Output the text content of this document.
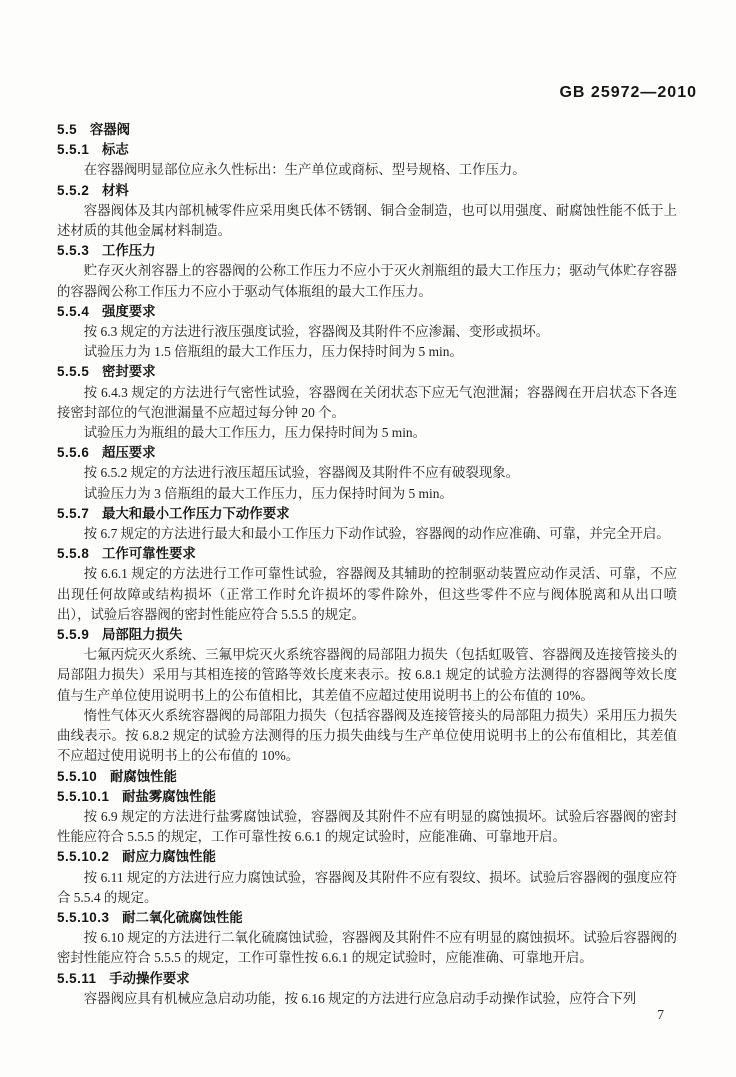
GB 25972—2010
5.5 容器阀
5.5.1 标志
在容器阀明显部位应永久性标出：生产单位或商标、型号规格、工作压力。
5.5.2 材料
容器阀体及其内部机械零件应采用奥氏体不锈钢、铜合金制造，也可以用强度、耐腐蚀性能不低于上述材质的其他金属材料制造。
5.5.3 工作压力
贮存灭火剂容器上的容器阀的公称工作压力不应小于灭火剂瓶组的最大工作压力；驱动气体贮存容器的容器阀公称工作压力不应小于驱动气体瓶组的最大工作压力。
5.5.4 强度要求
按 6.3 规定的方法进行液压强度试验，容器阀及其附件不应渗漏、变形或损坏。
试验压力为 1.5 倍瓶组的最大工作压力，压力保持时间为 5 min。
5.5.5 密封要求
按 6.4.3 规定的方法进行气密性试验，容器阀在关闭状态下应无气泡泄漏；容器阀在开启状态下各连接密封部位的气泡泄漏量不应超过每分钟 20 个。
试验压力为瓶组的最大工作压力，压力保持时间为 5 min。
5.5.6 超压要求
按 6.5.2 规定的方法进行液压超压试验，容器阀及其附件不应有破裂现象。
试验压力为 3 倍瓶组的最大工作压力，压力保持时间为 5 min。
5.5.7 最大和最小工作压力下动作要求
按 6.7 规定的方法进行最大和最小工作压力下动作试验，容器阀的动作应准确、可靠，并完全开启。
5.5.8 工作可靠性要求
按 6.6.1 规定的方法进行工作可靠性试验，容器阀及其辅助的控制驱动装置应动作灵活、可靠，不应出现任何故障或结构损坏（正常工作时允许损坏的零件除外，但这些零件不应与阀体脱离和从出口喷出），试验后容器阀的密封性能应符合 5.5.5 的规定。
5.5.9 局部阻力损失
七氟丙烷灭火系统、三氟甲烷灭火系统容器阀的局部阻力损失（包括虹吸管、容器阀及连接管接头的局部阻力损失）采用与其相连接的管路等效长度来表示。按 6.8.1 规定的试验方法测得的容器阀等效长度值与生产单位使用说明书上的公布值相比，其差值不应超过使用说明书上的公布值的 10%。
惰性气体灭火系统容器阀的局部阻力损失（包括容器阀及连接管接头的局部阻力损失）采用压力损失曲线表示。按 6.8.2 规定的试验方法测得的压力损失曲线与生产单位使用说明书上的公布值相比，其差值不应超过使用说明书上的公布值的 10%。
5.5.10 耐腐蚀性能
5.5.10.1 耐盐雾腐蚀性能
按 6.9 规定的方法进行盐雾腐蚀试验，容器阀及其附件不应有明显的腐蚀损坏。试验后容器阀的密封性能应符合 5.5.5 的规定，工作可靠性按 6.6.1 的规定试验时，应能准确、可靠地开启。
5.5.10.2 耐应力腐蚀性能
按 6.11 规定的方法进行应力腐蚀试验，容器阀及其附件不应有裂纹、损坏。试验后容器阀的强度应符合 5.5.4 的规定。
5.5.10.3 耐二氧化硫腐蚀性能
按 6.10 规定的方法进行二氧化硫腐蚀试验，容器阀及其附件不应有明显的腐蚀损坏。试验后容器阀的密封性能应符合 5.5.5 的规定，工作可靠性按 6.6.1 的规定试验时，应能准确、可靠地开启。
5.5.11 手动操作要求
容器阀应具有机械应急启动功能，按 6.16 规定的方法进行应急启动手动操作试验，应符合下列
7
